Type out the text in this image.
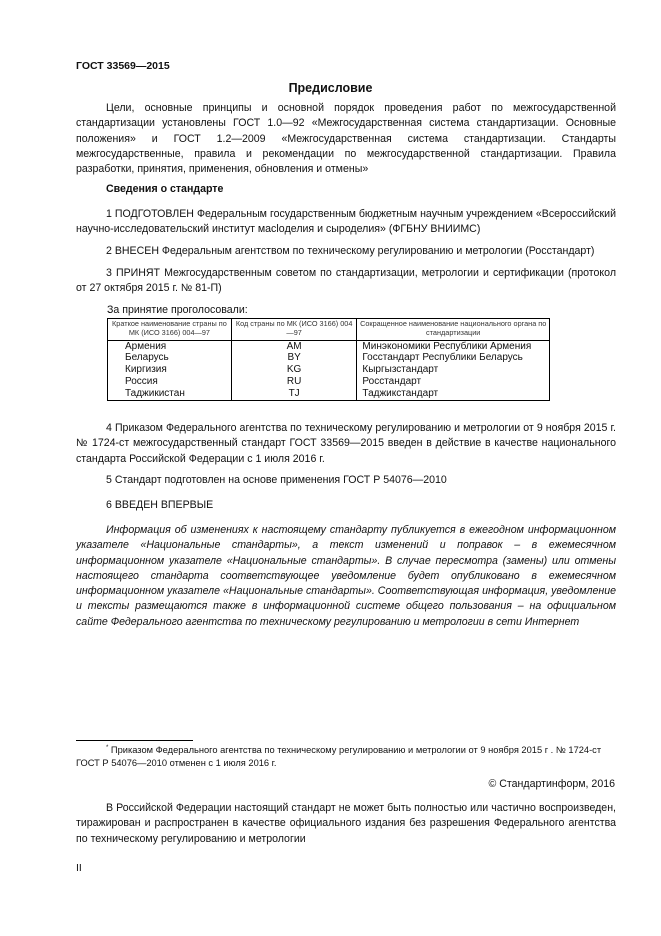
ГОСТ 33569—2015
Предисловие
Цели, основные принципы и основной порядок проведения работ по межгосударственной стандартизации установлены ГОСТ 1.0—92 «Межгосударственная система стандартизации. Основные положения» и ГОСТ 1.2—2009 «Межгосударственная система стандартизации. Стандарты межгосударственные, правила и рекомендации по межгосударственной стандартизации. Правила разработки, принятия, применения, обновления и отмены»
Сведения о стандарте
1 ПОДГОТОВЛЕН Федеральным государственным бюджетным научным учреждением «Всероссийский научно-исследовательский институт масloделия и сыроделия» (ФГБНУ ВНИИМС)
2 ВНЕСЕН Федеральным агентством по техническому регулированию и метрологии (Росстандарт)
3 ПРИНЯТ Межгосударственным советом по стандартизации, метрологии и сертификации (протокол от 27 октября 2015 г. № 81-П)
За принятие проголосовали:
Краткое наименование страны по МК (ИСО 3166) 004—97	Код страны по МК (ИСО 3166) 004—97	Сокращенное наименование национального органа по стандартизации
Армения	AM	Минэкономики Республики Армения
Беларусь	BY	Госстандарт Республики Беларусь
Киргизия	KG	Кыргызстандарт
Россия	RU	Росстандарт
Таджикистан	TJ	Таджикстандарт
4 Приказом Федерального агентства по техническому регулированию и метрологии от 9 ноября 2015 г. № 1724-ст межгосударственный стандарт ГОСТ 33569—2015 введен в действие в качестве национального стандарта Российской Федерации с 1 июля 2016 г.
5 Стандарт подготовлен на основе применения ГОСТ Р 54076—2010
6 ВВЕДЕН ВПЕРВЫЕ
Информация об изменениях к настоящему стандарту публикуется в ежегодном информационном указателе «Национальные стандарты», а текст изменений и поправок – в ежемесячном информационном указателе «Национальные стандарты». В случае пересмотра (замены) или отмены настоящего стандарта соответствующее уведомление будет опубликовано в ежемесячном информационном указателе «Национальные стандарты». Соответствующая информация, уведомление и тексты размещаются также в информационной системе общего пользования – на официальном сайте Федерального агентства по техническому регулированию и метрологии в сети Интернет
* Приказом Федерального агентства по техническому регулированию и метрологии от 9 ноября 2015 г . № 1724-ст ГОСТ Р 54076—2010 отменен с 1 июля 2016 г.
© Стандартинформ, 2016
В Российской Федерации настоящий стандарт не может быть полностью или частично воспроизведен, тиражирован и распространен в качестве официального издания без разрешения Федерального агентства по техническому регулированию и метрологии
II
